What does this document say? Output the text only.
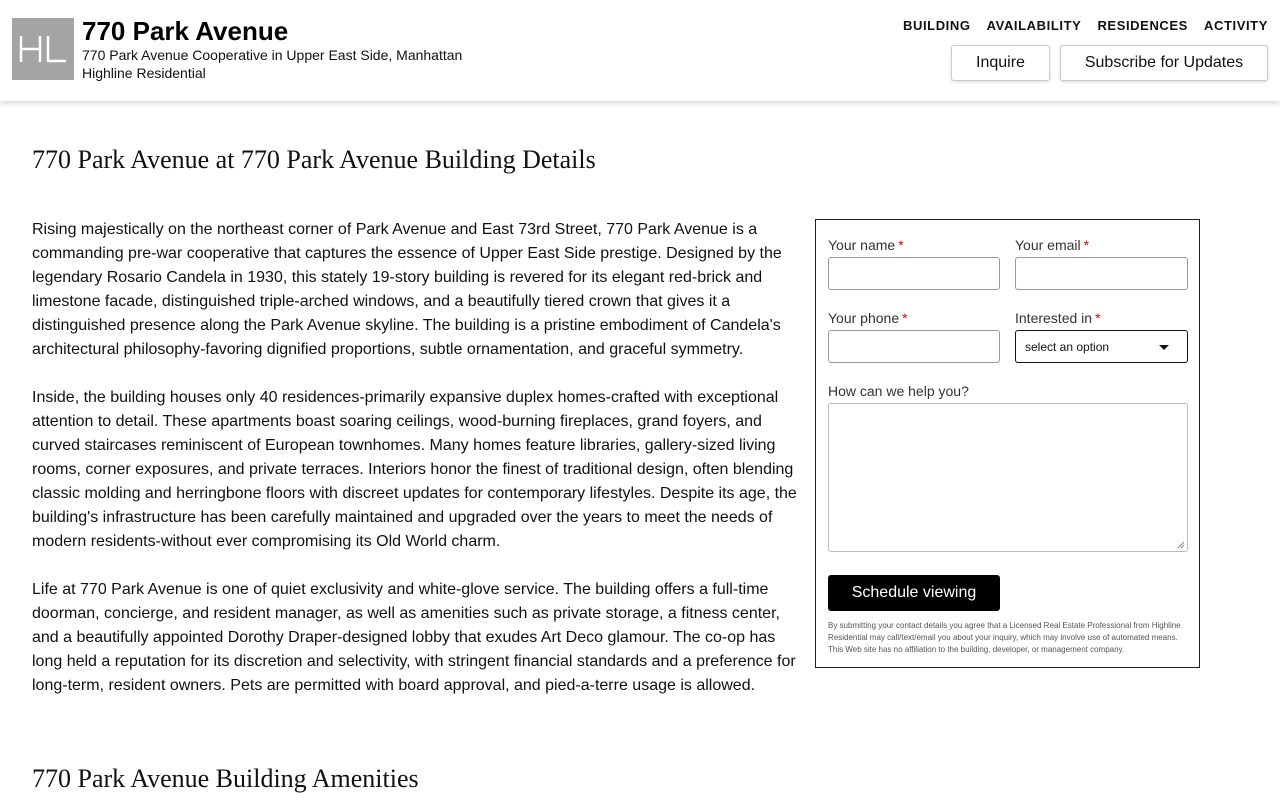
770 Park Avenue
770 Park Avenue Cooperative in Upper East Side, Manhattan
Highline Residential
BUILDING AVAILABILITY RESIDENCES ACTIVITY
Inquire	Subscribe for Updates
770 Park Avenue at 770 Park Avenue Building Details

Rising majestically on the northeast corner of Park Avenue and East 73rd Street, 770 Park Avenue is a commanding pre-war cooperative that captures the essence of Upper East Side prestige. Designed by the legendary Rosario Candela in 1930, this stately 19-story building is revered for its elegant red-brick and limestone facade, distinguished triple-arched windows, and a beautifully tiered crown that gives it a distinguished presence along the Park Avenue skyline. The building is a pristine embodiment of Candela's architectural philosophy-favoring dignified proportions, subtle ornamentation, and graceful symmetry.

Inside, the building houses only 40 residences-primarily expansive duplex homes-crafted with exceptional attention to detail. These apartments boast soaring ceilings, wood-burning fireplaces, grand foyers, and curved staircases reminiscent of European townhomes. Many homes feature libraries, gallery-sized living rooms, corner exposures, and private terraces. Interiors honor the finest of traditional design, often blending classic molding and herringbone floors with discreet updates for contemporary lifestyles. Despite its age, the building's infrastructure has been carefully maintained and upgraded over the years to meet the needs of modern residents-without ever compromising its Old World charm.

Life at 770 Park Avenue is one of quiet exclusivity and white-glove service. The building offers a full-time doorman, concierge, and resident manager, as well as amenities such as private storage, a fitness center, and a beautifully appointed Dorothy Draper-designed lobby that exudes Art Deco glamour. The co-op has long held a reputation for its discretion and selectivity, with stringent financial standards and a preference for long-term, resident owners. Pets are permitted with board approval, and pied-a-terre usage is allowed.

Your name *	Your email *
Your phone *	Interested in *
select an option
How can we help you?
Schedule viewing
By submitting your contact details you agree that a Licensed Real Estate Professional from Highline Residential may call/text/email you about your inquiry, which may involve use of automated means. This Web site has no affiliation to the building, developer, or management company.
770 Park Avenue Building Amenities
